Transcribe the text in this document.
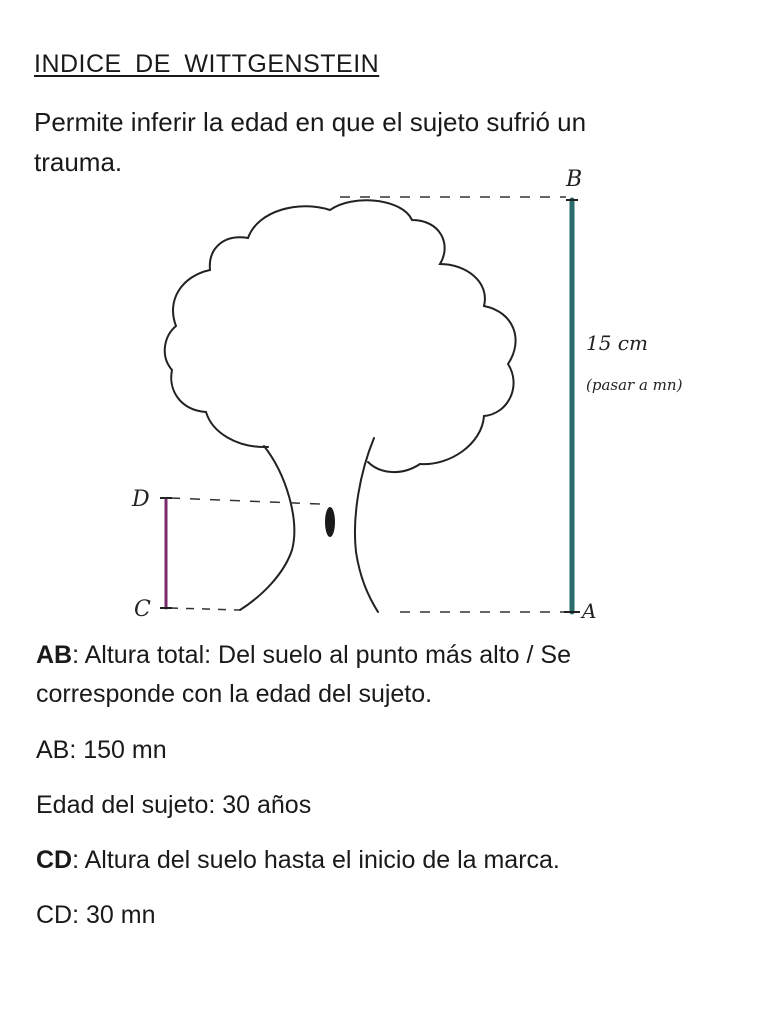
INDICE DE WITTGENSTEIN

Permite inferir la edad en que el sujeto sufrió un trauma.

B
A
D
C
15 cm
(pasar a mn)

AB: Altura total: Del suelo al punto más alto / Se corresponde con la edad del sujeto.

AB: 150 mn

Edad del sujeto: 30 años

CD: Altura del suelo hasta el inicio de la marca.

CD: 30 mn
